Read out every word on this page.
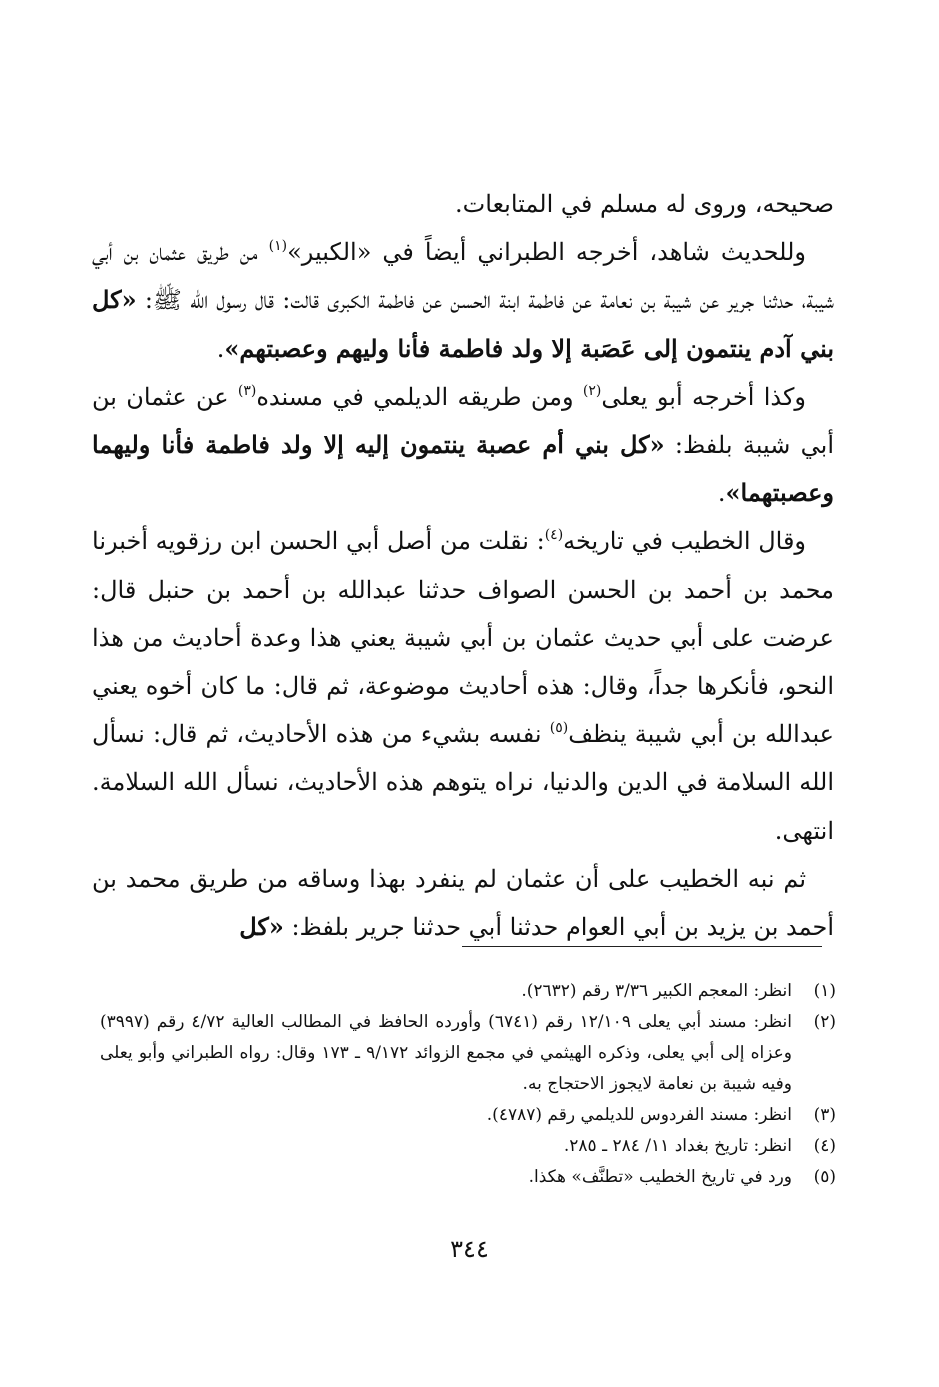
صحيحه، وروى له مسلم في المتابعات.

وللحديث شاهد، أخرجه الطبراني أيضاً في «الكبير»$^{(١)}$ من طريق عثمان بن أبي شيبة، حدثنا جرير عن شيبة بن نعامة عن فاطمة ابنة الحسن عن فاطمة الكبرى قالت: قال رسول الله ﷺ: «كل بني آدم ينتمون إلى عَصَبة إلا ولد فاطمة فأنا وليهم وعصبتهم».

وكذا أخرجه أبو يعلى$^{(٢)}$ ومن طريقه الديلمي في مسنده$^{(٣)}$ عن عثمان بن أبي شيبة بلفظ: «كل بني أم عصبة ينتمون إليه إلا ولد فاطمة فأنا وليهما وعصبتهما».

وقال الخطيب في تاريخه$^{(٤)}$: نقلت من أصل أبي الحسن ابن رزقويه أخبرنا محمد بن أحمد بن الحسن الصواف حدثنا عبدالله بن أحمد بن حنبل قال: عرضت على أبي حديث عثمان بن أبي شيبة يعني هذا وعدة أحاديث من هذا النحو، فأنكرها جداً، وقال: هذه أحاديث موضوعة، ثم قال: ما كان أخوه يعني عبدالله بن أبي شيبة ينظف$^{(٥)}$ نفسه بشيء من هذه الأحاديث، ثم قال: نسأل الله السلامة في الدين والدنيا، نراه يتوهم هذه الأحاديث، نسأل الله السلامة. انتهى.

ثم نبه الخطيب على أن عثمان لم ينفرد بهذا وساقه من طريق محمد بن أحمد بن يزيد بن أبي العوام حدثنا أبي حدثنا جرير بلفظ: «كل

(١)
انظر: المعجم الكبير ٣/٣٦ رقم (٢٦٣٢).
(٢)
انظر: مسند أبي يعلى ١٢/١٠٩ رقم (٦٧٤١) وأورده الحافظ في المطالب العالية ٤/٧٢ رقم (٣٩٩٧) وعزاه إلى أبي يعلى، وذكره الهيثمي في مجمع الزوائد ٩/١٧٢ ـ ١٧٣ وقال: رواه الطبراني وأبو يعلى وفيه شيبة بن نعامة لايجوز الاحتجاج به.
(٣)
انظر: مسند الفردوس للديلمي رقم (٤٧٨٧).
(٤)
انظر: تاريخ بغداد ١١/ ٢٨٤ ـ ٢٨٥.
(٥)
ورد في تاريخ الخطيب «تطنَّف» هكذا.
٣٤٤
